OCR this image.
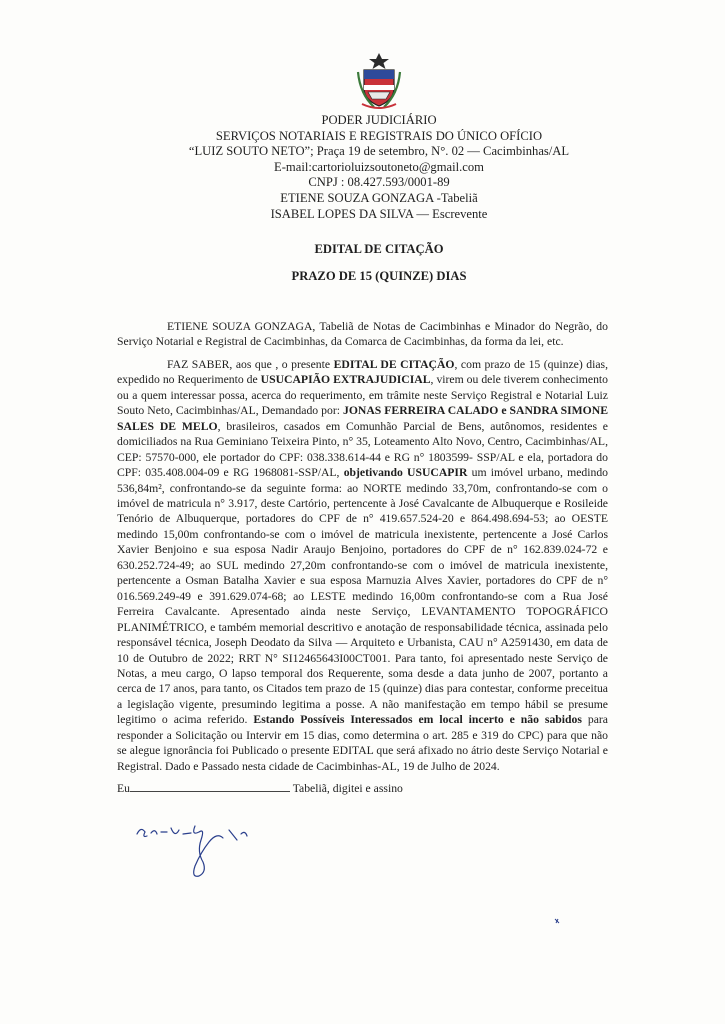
PODER JUDICIÁRIO
SERVIÇOS NOTARIAIS E REGISTRAIS DO ÚNICO OFÍCIO
“LUIZ SOUTO NETO”; Praça 19 de setembro, N°. 02 — Cacimbinhas/AL
E-mail:cartorioluizsoutoneto@gmail.com
CNPJ : 08.427.593/0001-89
ETIENE SOUZA GONZAGA -Tabeliã
ISABEL LOPES DA SILVA — Escrevente
EDITAL DE CITAÇÃO
PRAZO DE 15 (QUINZE) DIAS

ETIENE SOUZA GONZAGA, Tabeliã de Notas de Cacimbinhas e Minador do Negrão, do Serviço Notarial e Registral de Cacimbinhas, da Comarca de Cacimbinhas, da forma da lei, etc.

FAZ SABER, aos que , o presente EDITAL DE CITAÇÃO, com prazo de 15 (quinze) dias, expedido no Requerimento de USUCAPIÃO EXTRAJUDICIAL, virem ou dele tiverem conhecimento ou a quem interessar possa, acerca do requerimento, em trâmite neste Serviço Registral e Notarial Luiz Souto Neto, Cacimbinhas/AL, Demandado por: JONAS FERREIRA CALADO e SANDRA SIMONE SALES DE MELO, brasileiros, casados em Comunhão Parcial de Bens, autônomos, residentes e domiciliados na Rua Geminiano Teixeira Pinto, n° 35, Loteamento Alto Novo, Centro, Cacimbinhas/AL, CEP: 57570-000, ele portador do CPF: 038.338.614-44 e RG n° 1803599- SSP/AL e ela, portadora do CPF: 035.408.004-09 e RG 1968081-SSP/AL, objetivando USUCAPIR um imóvel urbano, medindo 536,84m², confrontando-se da seguinte forma: ao NORTE medindo 33,70m, confrontando-se com o imóvel de matricula n° 3.917, deste Cartório, pertencente à José Cavalcante de Albuquerque e Rosileide Tenório de Albuquerque, portadores do CPF de n° 419.657.524-20 e 864.498.694-53; ao OESTE medindo 15,00m confrontando-se com o imóvel de matricula inexistente, pertencente a José Carlos Xavier Benjoino e sua esposa Nadir Araujo Benjoino, portadores do CPF de n° 162.839.024-72 e 630.252.724-49; ao SUL medindo 27,20m confrontando-se com o imóvel de matricula inexistente, pertencente a Osman Batalha Xavier e sua esposa Marnuzia Alves Xavier, portadores do CPF de n° 016.569.249-49 e 391.629.074-68; ao LESTE medindo 16,00m confrontando-se com a Rua José Ferreira Cavalcante. Apresentado ainda neste Serviço, LEVANTAMENTO TOPOGRÁFICO PLANIMÉTRICO, e também memorial descritivo e anotação de responsabilidade técnica, assinada pelo responsável técnica, Joseph Deodato da Silva — Arquiteto e Urbanista, CAU n° A2591430, em data de 10 de Outubro de 2022; RRT N° SI12465643I00CT001. Para tanto, foi apresentado neste Serviço de Notas, a meu cargo, O lapso temporal dos Requerente, soma desde a data junho de 2007, portanto a cerca de 17 anos, para tanto, os Citados tem prazo de 15 (quinze) dias para contestar, conforme preceitua a legislação vigente, presumindo legitima a posse. A não manifestação em tempo hábil se presume legitimo o acima referido. Estando Possíveis Interessados em local incerto e não sabidos para responder a Solicitação ou Intervir em 15 dias, como determina o art. 285 e 319 do CPC) para que não se alegue ignorância foi Publicado o presente EDITAL que será afixado no átrio deste Serviço Notarial e Registral. Dado e Passado nesta cidade de Cacimbinhas-AL, 19 de Julho de 2024.

Eu	Tabeliã, digitei e assino
